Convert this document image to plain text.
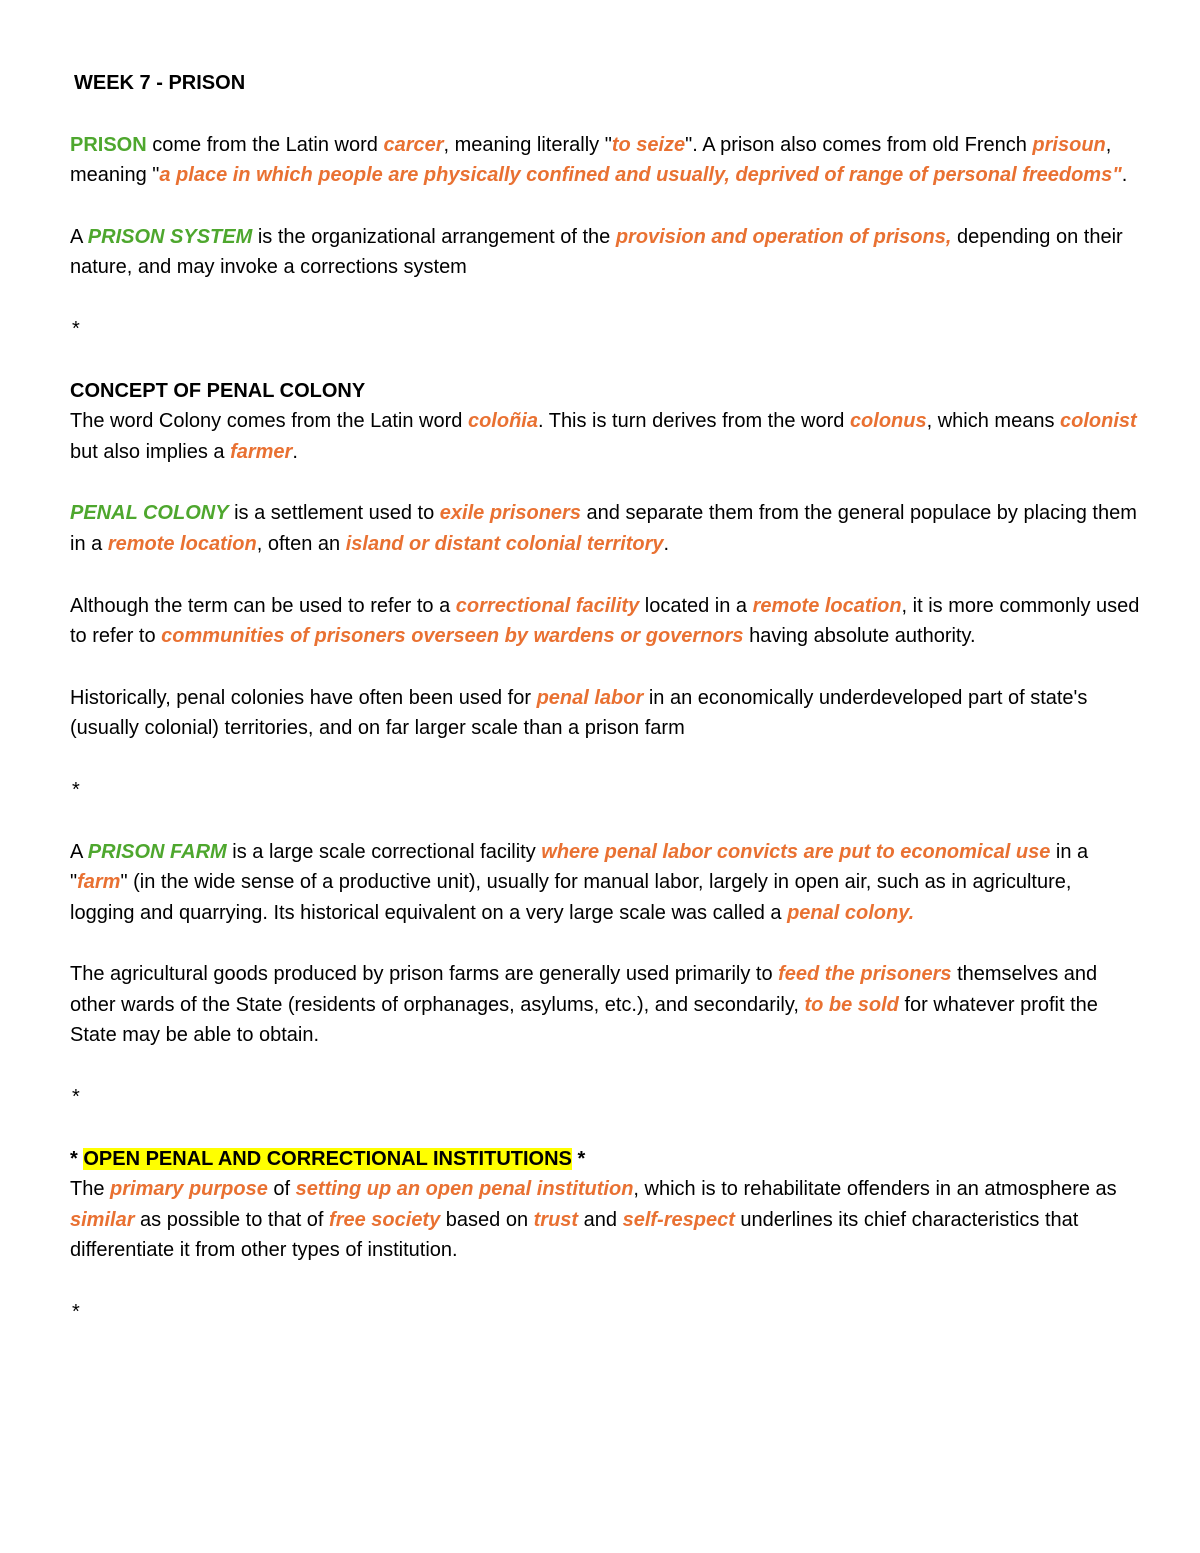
WEEK 7 - PRISON

PRISON come from the Latin word carcer, meaning literally "to seize". A prison also comes from old French prisoun, meaning "a place in which people are physically confined and usually, deprived of range of personal freedoms".

A PRISON SYSTEM is the organizational arrangement of the provision and operation of prisons, depending on their nature, and may invoke a corrections system

*

CONCEPT OF PENAL COLONY

The word Colony comes from the Latin word coloñia. This is turn derives from the word colonus, which means colonist but also implies a farmer.

PENAL COLONY is a settlement used to exile prisoners and separate them from the general populace by placing them in a remote location, often an island or distant colonial territory.

Although the term can be used to refer to a correctional facility located in a remote location, it is more commonly used to refer to communities of prisoners overseen by wardens or governors having absolute authority.

Historically, penal colonies have often been used for penal labor in an economically underdeveloped part of state's (usually colonial) territories, and on far larger scale than a prison farm

*

A PRISON FARM is a large scale correctional facility where penal labor convicts are put to economical use in a "farm" (in the wide sense of a productive unit), usually for manual labor, largely in open air, such as in agriculture, logging and quarrying. Its historical equivalent on a very large scale was called a penal colony.

The agricultural goods produced by prison farms are generally used primarily to feed the prisoners themselves and other wards of the State (residents of orphanages, asylums, etc.), and secondarily, to be sold for whatever profit the State may be able to obtain.

*

* OPEN PENAL AND CORRECTIONAL INSTITUTIONS *

The primary purpose of setting up an open penal institution, which is to rehabilitate offenders in an atmosphere as similar as possible to that of free society based on trust and self-respect underlines its chief characteristics that differentiate it from other types of institution.

*
